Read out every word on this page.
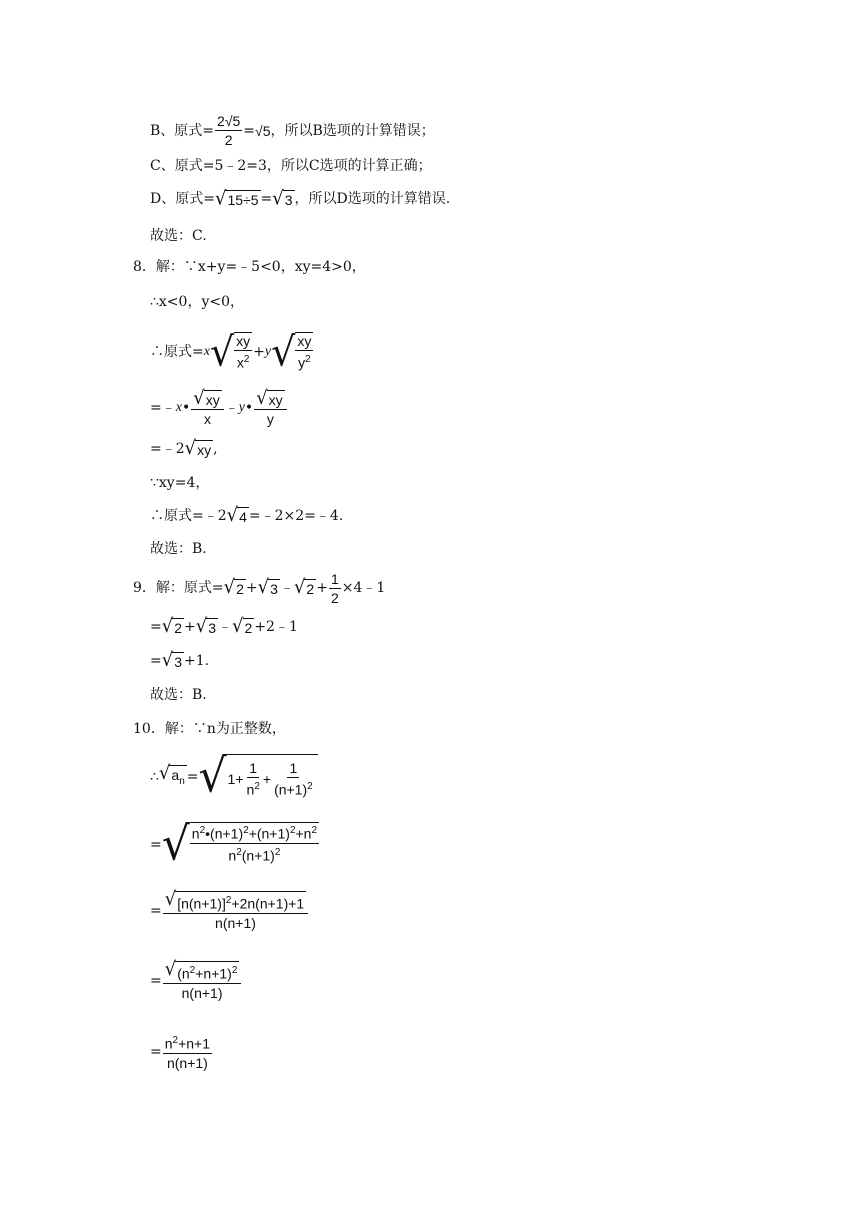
B、原式= $\frac{2√5}{2} = √5$ ，所以B选项的计算错误；
C、原式=5﹣2=3，所以C选项的计算正确；
D、原式= √ 15÷5 = √ 3 ，所以D选项的计算错误.
故选：C.
8．解：∵x+y=﹣5<0，xy=4>0，
∴x<0，y<0，
∴原式= x √ $\frac{xy}{x^2} + y$ √ $\frac{xy}{y^2}$
=﹣ x • $\frac{√ xy}{x}$ ﹣ y • $\frac{√ xy}{y}$
=﹣2 √ xy ,
∵xy=4，
∴原式=﹣2 √ 4 =﹣2×2=﹣4.
故选：B.
9．解：原式= √ 2 + √ 3 ﹣ √ $2 + \frac{1}{2}$ ×4﹣1
= √ 2 + √ 3 ﹣ √ 2 +2﹣1
= √ 3 +1.
故选：B.
10．解：∵n为正整数，
∴ √ $a_n$ = √ $1+ \frac{1}{n^2} + \frac{1}{(n+1)^2}$
= √ $\frac{n^2•(n+1)^2+(n+1)^2+n^2}{n^2(n+1)^2}$
= $\frac{√ [n(n+1)]^2+2n(n+1)+1}{n(n+1)}$
= $\frac{√ (n^2+n+1)^2}{n(n+1)}$
= $\frac{n^2+n+1}{n(n+1)}$
